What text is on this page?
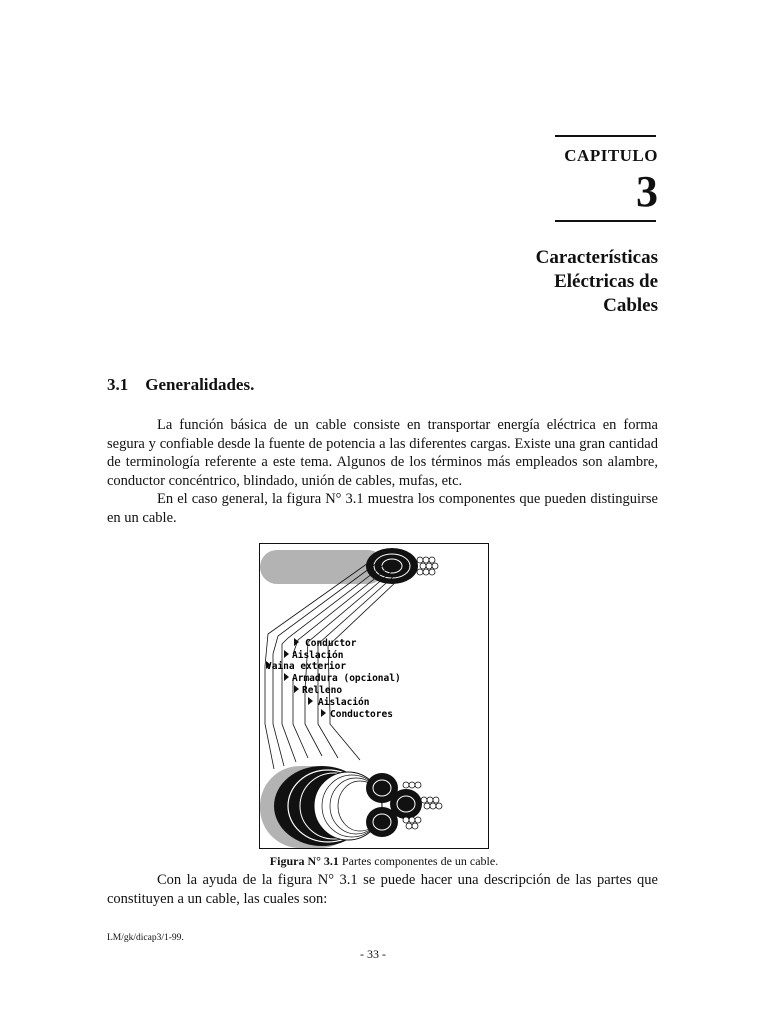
CAPITULO
3
Características
Eléctricas de
Cables
3.1 Generalidades.
La función básica de un cable consiste en transportar energía eléctrica en forma segura y confiable desde la fuente de potencia a las diferentes cargas. Existe una gran cantidad de terminología referente a este tema. Algunos de los términos más empleados son alambre, conductor concéntrico, blindado, unión de cables, mufas, etc.
En el caso general, la figura N° 3.1 muestra los componentes que pueden distinguirse en un cable.
Conductor
Aislación
Vaina exterior
Armadura (opcional)
Relleno
Aislación
Conductores
Figura N° 3.1 Partes componentes de un cable.
Con la ayuda de la figura N° 3.1 se puede hacer una descripción de las partes que constituyen a un cable, las cuales son:
LM/gk/dicap3/1-99.
- 33 -
